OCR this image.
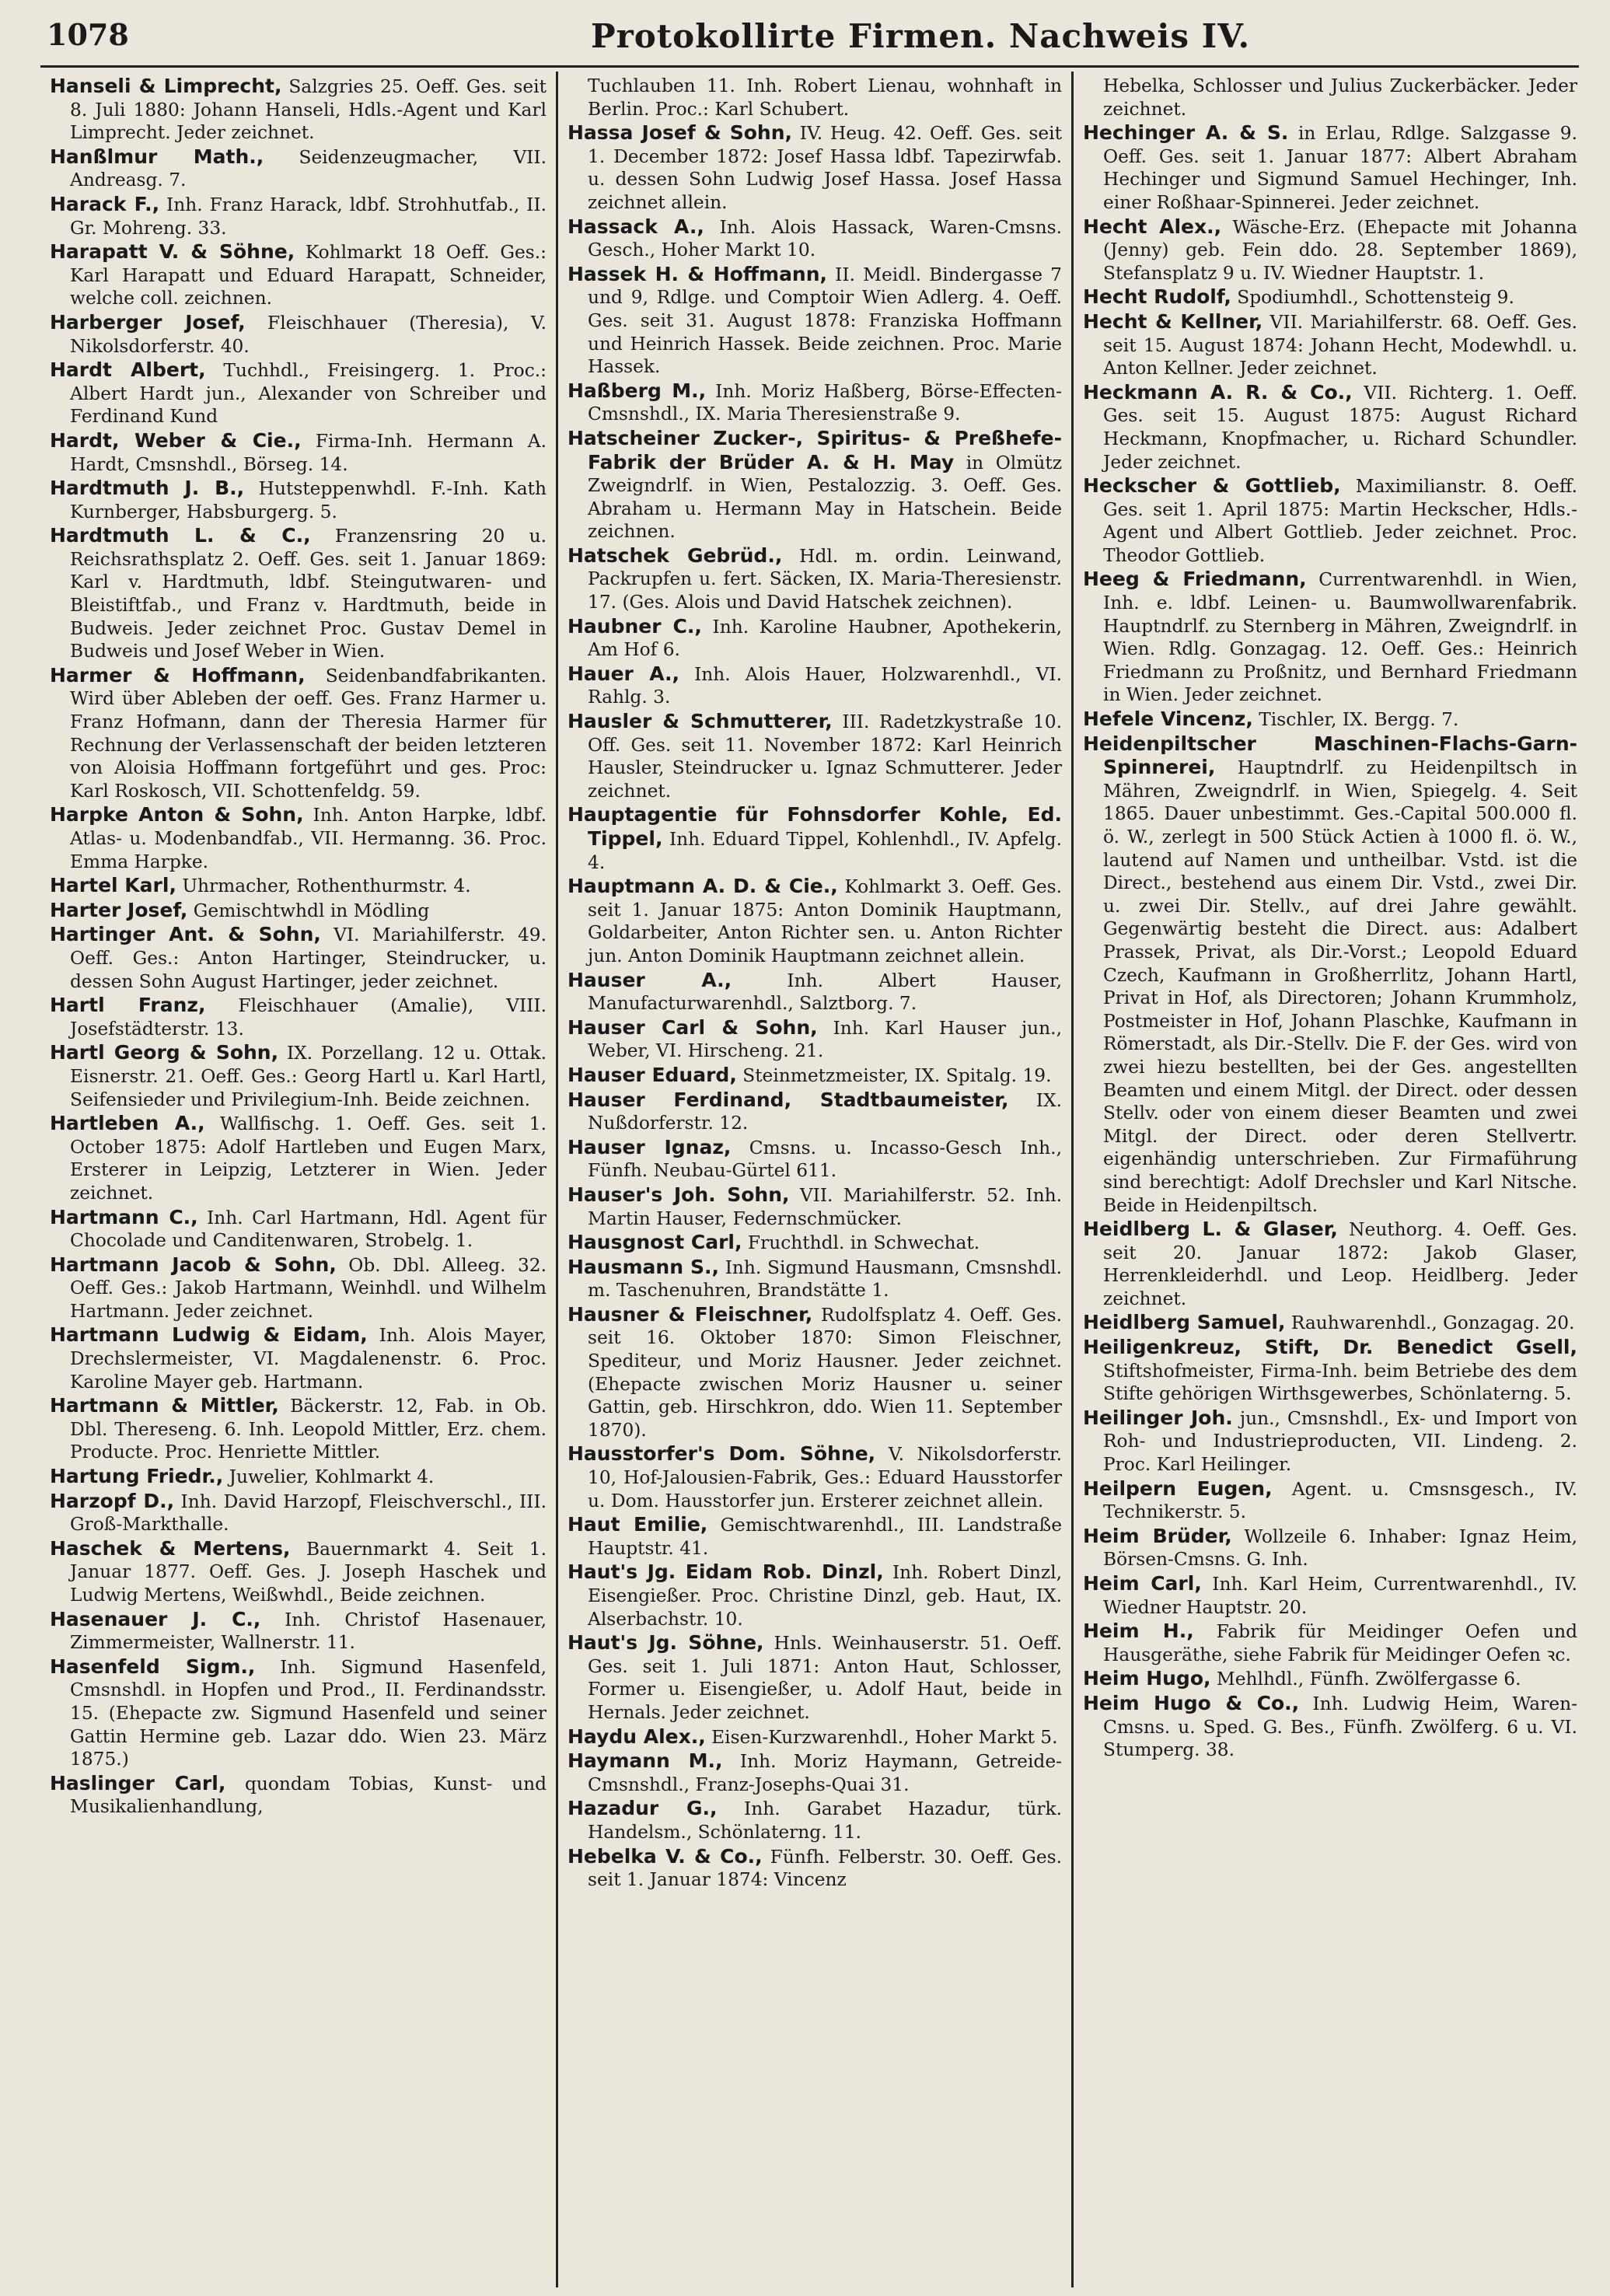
1078	Protokollirte Firmen. Nachweis IV.

Hanseli & Limprecht, Salzgries 25. Oeff. Ges. seit 8. Juli 1880: Johann Hanseli, Hdls.-Agent und Karl Limprecht. Jeder zeichnet.

Hanßlmur Math., Seidenzeugmacher, VII. Andreasg. 7.

Harack F., Inh. Franz Harack, ldbf. Strohhutfab., II. Gr. Mohreng. 33.

Harapatt V. & Söhne, Kohlmarkt 18 Oeff. Ges.: Karl Harapatt und Eduard Harapatt, Schneider, welche coll. zeichnen.

Harberger Josef, Fleischhauer (Theresia), V. Nikolsdorferstr. 40.

Hardt Albert, Tuchhdl., Freisingerg. 1. Proc.: Albert Hardt jun., Alexander von Schreiber und Ferdinand Kund

Hardt, Weber & Cie., Firma-Inh. Hermann A. Hardt, Cmsnshdl., Börseg. 14.

Hardtmuth J. B., Hutsteppenwhdl. F.-Inh. Kath Kurnberger, Habsburgerg. 5.

Hardtmuth L. & C., Franzensring 20 u. Reichsrathsplatz 2. Oeff. Ges. seit 1. Januar 1869: Karl v. Hardtmuth, ldbf. Steingutwaren- und Bleistiftfab., und Franz v. Hardtmuth, beide in Budweis. Jeder zeichnet Proc. Gustav Demel in Budweis und Josef Weber in Wien.

Harmer & Hoffmann, Seidenbandfabrikanten. Wird über Ableben der oeff. Ges. Franz Harmer u. Franz Hofmann, dann der Theresia Harmer für Rechnung der Verlassenschaft der beiden letzteren von Aloisia Hoffmann fortgeführt und ges. Proc: Karl Roskosch, VII. Schottenfeldg. 59.

Harpke Anton & Sohn, Inh. Anton Harpke, ldbf. Atlas- u. Modenbandfab., VII. Hermanng. 36. Proc. Emma Harpke.

Hartel Karl, Uhrmacher, Rothenthurmstr. 4.

Harter Josef, Gemischtwhdl in Mödling

Hartinger Ant. & Sohn, VI. Mariahilferstr. 49. Oeff. Ges.: Anton Hartinger, Steindrucker, u. dessen Sohn August Hartinger, jeder zeichnet.

Hartl Franz, Fleischhauer (Amalie), VIII. Josefstädterstr. 13.

Hartl Georg & Sohn, IX. Porzellang. 12 u. Ottak. Eisnerstr. 21. Oeff. Ges.: Georg Hartl u. Karl Hartl, Seifensieder und Privilegium-Inh. Beide zeichnen.

Hartleben A., Wallfischg. 1. Oeff. Ges. seit 1. October 1875: Adolf Hartleben und Eugen Marx, Ersterer in Leipzig, Letzterer in Wien. Jeder zeichnet.

Hartmann C., Inh. Carl Hartmann, Hdl. Agent für Chocolade und Canditenwaren, Strobelg. 1.

Hartmann Jacob & Sohn, Ob. Dbl. Alleeg. 32. Oeff. Ges.: Jakob Hartmann, Weinhdl. und Wilhelm Hartmann. Jeder zeichnet.

Hartmann Ludwig & Eidam, Inh. Alois Mayer, Drechslermeister, VI. Magdalenenstr. 6. Proc. Karoline Mayer geb. Hartmann.

Hartmann & Mittler, Bäckerstr. 12, Fab. in Ob. Dbl. Thereseng. 6. Inh. Leopold Mittler, Erz. chem. Producte. Proc. Henriette Mittler.

Hartung Friedr., Juwelier, Kohlmarkt 4.

Harzopf D., Inh. David Harzopf, Fleischverschl., III. Groß-Markthalle.

Haschek & Mertens, Bauernmarkt 4. Seit 1. Januar 1877. Oeff. Ges. J. Joseph Haschek und Ludwig Mertens, Weißwhdl., Beide zeichnen.

Hasenauer J. C., Inh. Christof Hasenauer, Zimmermeister, Wallnerstr. 11.

Hasenfeld Sigm., Inh. Sigmund Hasenfeld, Cmsnshdl. in Hopfen und Prod., II. Ferdinandsstr. 15. (Ehepacte zw. Sigmund Hasenfeld und seiner Gattin Hermine geb. Lazar ddo. Wien 23. März 1875.)

Haslinger Carl, quondam Tobias, Kunst- und Musikalienhandlung,

Tuchlauben 11. Inh. Robert Lienau, wohnhaft in Berlin. Proc.: Karl Schubert.

Hassa Josef & Sohn, IV. Heug. 42. Oeff. Ges. seit 1. December 1872: Josef Hassa ldbf. Tapezirwfab. u. dessen Sohn Ludwig Josef Hassa. Josef Hassa zeichnet allein.

Hassack A., Inh. Alois Hassack, Waren-Cmsns. Gesch., Hoher Markt 10.

Hassek H. & Hoffmann, II. Meidl. Bindergasse 7 und 9, Rdlge. und Comptoir Wien Adlerg. 4. Oeff. Ges. seit 31. August 1878: Franziska Hoffmann und Heinrich Hassek. Beide zeichnen. Proc. Marie Hassek.

Haßberg M., Inh. Moriz Haßberg, Börse-Effecten-Cmsnshdl., IX. Maria Theresienstraße 9.

Hatscheiner Zucker-, Spiritus- & Preßhefe-Fabrik der Brüder A. & H. May in Olmütz Zweigndrlf. in Wien, Pestalozzig. 3. Oeff. Ges. Abraham u. Hermann May in Hatschein. Beide zeichnen.

Hatschek Gebrüd., Hdl. m. ordin. Leinwand, Packrupfen u. fert. Säcken, IX. Maria-Theresienstr. 17. (Ges. Alois und David Hatschek zeichnen).

Haubner C., Inh. Karoline Haubner, Apothekerin, Am Hof 6.

Hauer A., Inh. Alois Hauer, Holzwarenhdl., VI. Rahlg. 3.

Hausler & Schmutterer, III. Radetzkystraße 10. Off. Ges. seit 11. November 1872: Karl Heinrich Hausler, Steindrucker u. Ignaz Schmutterer. Jeder zeichnet.

Hauptagentie für Fohnsdorfer Kohle, Ed. Tippel, Inh. Eduard Tippel, Kohlenhdl., IV. Apfelg. 4.

Hauptmann A. D. & Cie., Kohlmarkt 3. Oeff. Ges. seit 1. Januar 1875: Anton Dominik Hauptmann, Goldarbeiter, Anton Richter sen. u. Anton Richter jun. Anton Dominik Hauptmann zeichnet allein.

Hauser A., Inh. Albert Hauser, Manufacturwarenhdl., Salztborg. 7.

Hauser Carl & Sohn, Inh. Karl Hauser jun., Weber, VI. Hirscheng. 21.

Hauser Eduard, Steinmetzmeister, IX. Spitalg. 19.

Hauser Ferdinand, Stadtbaumeister, IX. Nußdorferstr. 12.

Hauser Ignaz, Cmsns. u. Incasso-Gesch Inh., Fünfh. Neubau-Gürtel 611.

Hauser's Joh. Sohn, VII. Mariahilferstr. 52. Inh. Martin Hauser, Federnschmücker.

Hausgnost Carl, Fruchthdl. in Schwechat.

Hausmann S., Inh. Sigmund Hausmann, Cmsnshdl. m. Taschenuhren, Brandstätte 1.

Hausner & Fleischner, Rudolfsplatz 4. Oeff. Ges. seit 16. Oktober 1870: Simon Fleischner, Spediteur, und Moriz Hausner. Jeder zeichnet. (Ehepacte zwischen Moriz Hausner u. seiner Gattin, geb. Hirschkron, ddo. Wien 11. September 1870).

Hausstorfer's Dom. Söhne, V. Nikolsdorferstr. 10, Hof-Jalousien-Fabrik, Ges.: Eduard Hausstorfer u. Dom. Hausstorfer jun. Ersterer zeichnet allein.

Haut Emilie, Gemischtwarenhdl., III. Landstraße Hauptstr. 41.

Haut's Jg. Eidam Rob. Dinzl, Inh. Robert Dinzl, Eisengießer. Proc. Christine Dinzl, geb. Haut, IX. Alserbachstr. 10.

Haut's Jg. Söhne, Hnls. Weinhauserstr. 51. Oeff. Ges. seit 1. Juli 1871: Anton Haut, Schlosser, Former u. Eisengießer, u. Adolf Haut, beide in Hernals. Jeder zeichnet.

Haydu Alex., Eisen-Kurzwarenhdl., Hoher Markt 5.

Haymann M., Inh. Moriz Haymann, Getreide-Cmsnshdl., Franz-Josephs-Quai 31.

Hazadur G., Inh. Garabet Hazadur, türk. Handelsm., Schönlaterng. 11.

Hebelka V. & Co., Fünfh. Felberstr. 30. Oeff. Ges. seit 1. Januar 1874: Vincenz

Hebelka, Schlosser und Julius Zuckerbäcker. Jeder zeichnet.

Hechinger A. & S. in Erlau, Rdlge. Salzgasse 9. Oeff. Ges. seit 1. Januar 1877: Albert Abraham Hechinger und Sigmund Samuel Hechinger, Inh. einer Roßhaar-Spinnerei. Jeder zeichnet.

Hecht Alex., Wäsche-Erz. (Ehepacte mit Johanna (Jenny) geb. Fein ddo. 28. September 1869), Stefansplatz 9 u. IV. Wiedner Hauptstr. 1.

Hecht Rudolf, Spodiumhdl., Schottensteig 9.

Hecht & Kellner, VII. Mariahilferstr. 68. Oeff. Ges. seit 15. August 1874: Johann Hecht, Modewhdl. u. Anton Kellner. Jeder zeichnet.

Heckmann A. R. & Co., VII. Richterg. 1. Oeff. Ges. seit 15. August 1875: August Richard Heckmann, Knopfmacher, u. Richard Schundler. Jeder zeichnet.

Heckscher & Gottlieb, Maximilianstr. 8. Oeff. Ges. seit 1. April 1875: Martin Heckscher, Hdls.-Agent und Albert Gottlieb. Jeder zeichnet. Proc. Theodor Gottlieb.

Heeg & Friedmann, Currentwarenhdl. in Wien, Inh. e. ldbf. Leinen- u. Baumwollwarenfabrik. Hauptndrlf. zu Sternberg in Mähren, Zweigndrlf. in Wien. Rdlg. Gonzagag. 12. Oeff. Ges.: Heinrich Friedmann zu Proßnitz, und Bernhard Friedmann in Wien. Jeder zeichnet.

Hefele Vincenz, Tischler, IX. Bergg. 7.

Heidenpiltscher Maschinen-Flachs-Garn-Spinnerei, Hauptndrlf. zu Heidenpiltsch in Mähren, Zweigndrlf. in Wien, Spiegelg. 4. Seit 1865. Dauer unbestimmt. Ges.-Capital 500.000 fl. ö. W., zerlegt in 500 Stück Actien à 1000 fl. ö. W., lautend auf Namen und untheilbar. Vstd. ist die Direct., bestehend aus einem Dir. Vstd., zwei Dir. u. zwei Dir. Stellv., auf drei Jahre gewählt. Gegenwärtig besteht die Direct. aus: Adalbert Prassek, Privat, als Dir.-Vorst.; Leopold Eduard Czech, Kaufmann in Großherrlitz, Johann Hartl, Privat in Hof, als Directoren; Johann Krummholz, Postmeister in Hof, Johann Plaschke, Kaufmann in Römerstadt, als Dir.-Stellv. Die F. der Ges. wird von zwei hiezu bestellten, bei der Ges. angestellten Beamten und einem Mitgl. der Direct. oder dessen Stellv. oder von einem dieser Beamten und zwei Mitgl. der Direct. oder deren Stellvertr. eigenhändig unterschrieben. Zur Firmaführung sind berechtigt: Adolf Drechsler und Karl Nitsche. Beide in Heidenpiltsch.

Heidlberg L. & Glaser, Neuthorg. 4. Oeff. Ges. seit 20. Januar 1872: Jakob Glaser, Herrenkleiderhdl. und Leop. Heidlberg. Jeder zeichnet.

Heidlberg Samuel, Rauhwarenhdl., Gonzagag. 20.

Heiligenkreuz, Stift, Dr. Benedict Gsell, Stiftshofmeister, Firma-Inh. beim Betriebe des dem Stifte gehörigen Wirthsgewerbes, Schönlaterng. 5.

Heilinger Joh. jun., Cmsnshdl., Ex- und Import von Roh- und Industrieproducten, VII. Lindeng. 2. Proc. Karl Heilinger.

Heilpern Eugen, Agent. u. Cmsnsgesch., IV. Technikerstr. 5.

Heim Brüder, Wollzeile 6. Inhaber: Ignaz Heim, Börsen-Cmsns. G. Inh.

Heim Carl, Inh. Karl Heim, Currentwarenhdl., IV. Wiedner Hauptstr. 20.

Heim H., Fabrik für Meidinger Oefen und Hausgeräthe, siehe Fabrik für Meidinger Oefen ꝛc.

Heim Hugo, Mehlhdl., Fünfh. Zwölfergasse 6.

Heim Hugo & Co., Inh. Ludwig Heim, Waren-Cmsns. u. Sped. G. Bes., Fünfh. Zwölferg. 6 u. VI. Stumperg. 38.
